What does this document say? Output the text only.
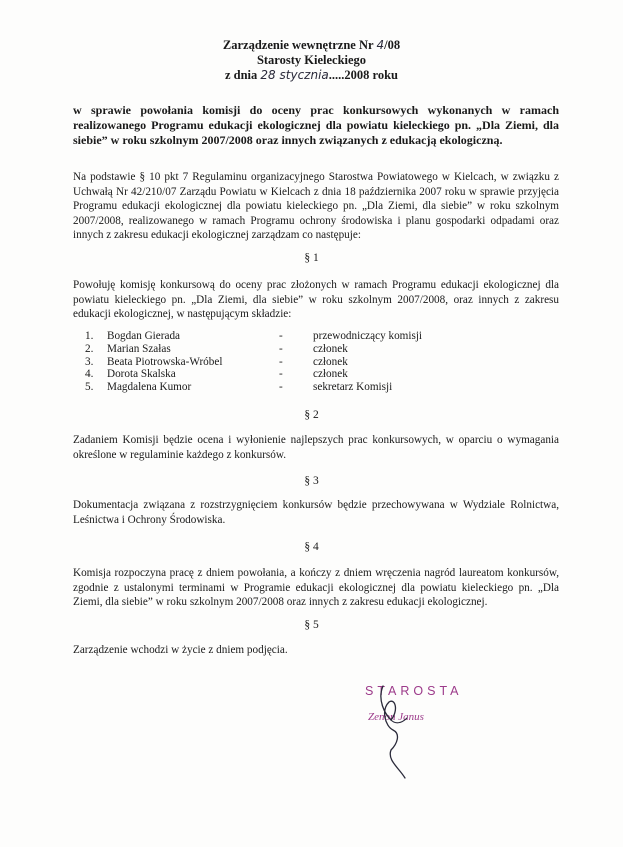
Zarządzenie wewnętrzne Nr 4/08
Starosty Kieleckiego
z dnia 28 stycznia.....2008 roku
w sprawie powołania komisji do oceny prac konkursowych wykonanych w ramach realizowanego Programu edukacji ekologicznej dla powiatu kieleckiego pn. „Dla Ziemi, dla siebie” w roku szkolnym 2007/2008 oraz innych związanych z edukacją ekologiczną.
Na podstawie § 10 pkt 7 Regulaminu organizacyjnego Starostwa Powiatowego w Kielcach, w związku z Uchwałą Nr 42/210/07 Zarządu Powiatu w Kielcach z dnia 18 października 2007 roku w sprawie przyjęcia Programu edukacji ekologicznej dla powiatu kieleckiego pn. „Dla Ziemi, dla siebie” w roku szkolnym 2007/2008, realizowanego w ramach Programu ochrony środowiska i planu gospodarki odpadami oraz innych z zakresu edukacji ekologicznej zarządzam co następuje:
§ 1
Powołuję komisję konkursową do oceny prac złożonych w ramach Programu edukacji ekologicznej dla powiatu kieleckiego pn. „Dla Ziemi, dla siebie” w roku szkolnym 2007/2008, oraz innych z zakresu edukacji ekologicznej, w następującym składzie:
1.	Bogdan Gierada	-	przewodniczący komisji
2.	Marian Szałas	-	członek
3.	Beata Piotrowska-Wróbel	-	członek
4.	Dorota Skalska	-	członek
5.	Magdalena Kumor	-	sekretarz Komisji
§ 2
Zadaniem Komisji będzie ocena i wyłonienie najlepszych prac konkursowych, w oparciu o wymagania określone w regulaminie każdego z konkursów.
§ 3
Dokumentacja związana z rozstrzygnięciem konkursów będzie przechowywana w Wydziale Rolnictwa, Leśnictwa i Ochrony Środowiska.
§ 4
Komisja rozpoczyna pracę z dniem powołania, a kończy z dniem wręczenia nagród laureatom konkursów, zgodnie z ustalonymi terminami w Programie edukacji ekologicznej dla powiatu kieleckiego pn. „Dla Ziemi, dla siebie” w roku szkolnym 2007/2008 oraz innych z zakresu edukacji ekologicznej.
§ 5
Zarządzenie wchodzi w życie z dniem podjęcia.
STAROSTA
Zenon Janus
